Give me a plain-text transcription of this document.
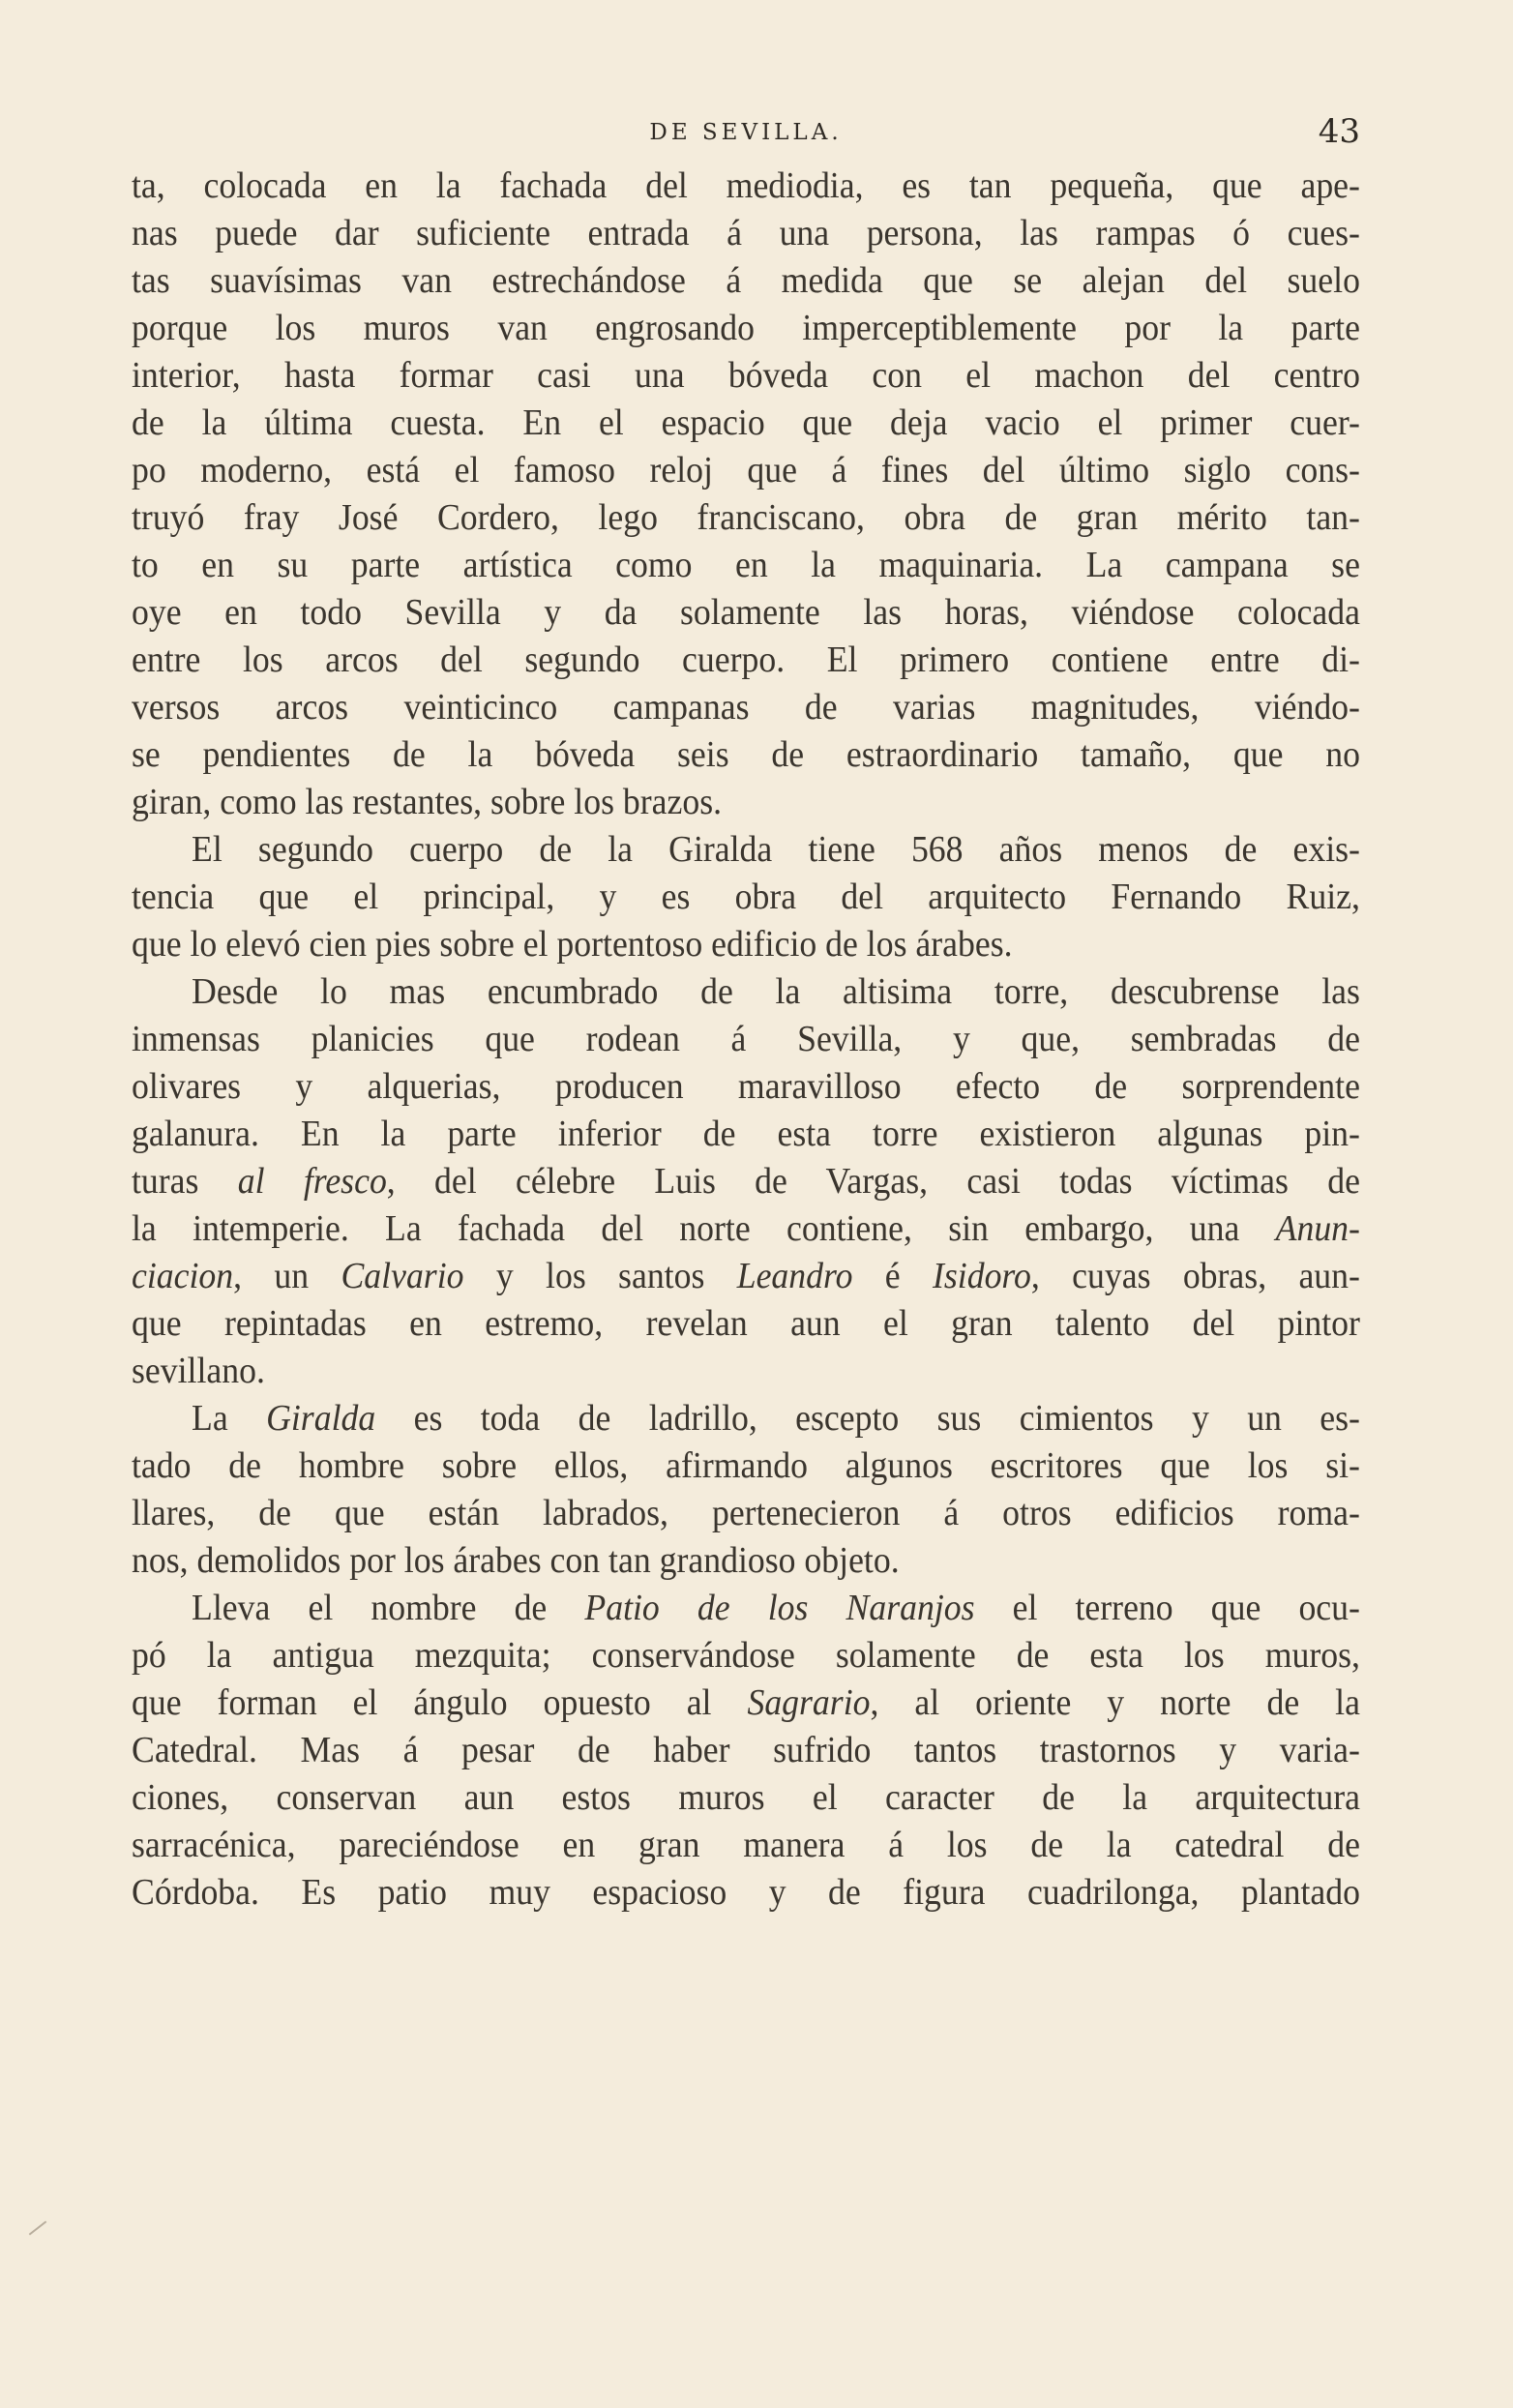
DE SEVILLA.	43
ta, colocada en la fachada del mediodia, es tan pequeña, que ape-
nas puede dar suficiente entrada á una persona, las rampas ó cues-
tas suavísimas van estrechándose á medida que se alejan del suelo
porque los muros van engrosando imperceptiblemente por la parte
interior, hasta formar casi una bóveda con el machon del centro
de la última cuesta. En el espacio que deja vacio el primer cuer-
po moderno, está el famoso reloj que á fines del último siglo cons-
truyó fray José Cordero, lego franciscano, obra de gran mérito tan-
to en su parte artística como en la maquinaria. La campana se
oye en todo Sevilla y da solamente las horas, viéndose colocada
entre los arcos del segundo cuerpo. El primero contiene entre di-
versos arcos veinticinco campanas de varias magnitudes, viéndo-
se pendientes de la bóveda seis de estraordinario tamaño, que no
giran, como las restantes, sobre los brazos.
El segundo cuerpo de la Giralda tiene 568 años menos de exis-
tencia que el principal, y es obra del arquitecto Fernando Ruiz,
que lo elevó cien pies sobre el portentoso edificio de los árabes.
Desde lo mas encumbrado de la altisima torre, descubrense las
inmensas planicies que rodean á Sevilla, y que, sembradas de
olivares y alquerias, producen maravilloso efecto de sorprendente
galanura. En la parte inferior de esta torre existieron algunas pin-
turas al fresco, del célebre Luis de Vargas, casi todas víctimas de
la intemperie. La fachada del norte contiene, sin embargo, una Anun-
ciacion, un Calvario y los santos Leandro é Isidoro, cuyas obras, aun-
que repintadas en estremo, revelan aun el gran talento del pintor
sevillano.
La Giralda es toda de ladrillo, escepto sus cimientos y un es-
tado de hombre sobre ellos, afirmando algunos escritores que los si-
llares, de que están labrados, pertenecieron á otros edificios roma-
nos, demolidos por los árabes con tan grandioso objeto.
Lleva el nombre de Patio de los Naranjos el terreno que ocu-
pó la antigua mezquita; conservándose solamente de esta los muros,
que forman el ángulo opuesto al Sagrario, al oriente y norte de la
Catedral. Mas á pesar de haber sufrido tantos trastornos y varia-
ciones, conservan aun estos muros el caracter de la arquitectura
sarracénica, pareciéndose en gran manera á los de la catedral de
Córdoba. Es patio muy espacioso y de figura cuadrilonga, plantado
